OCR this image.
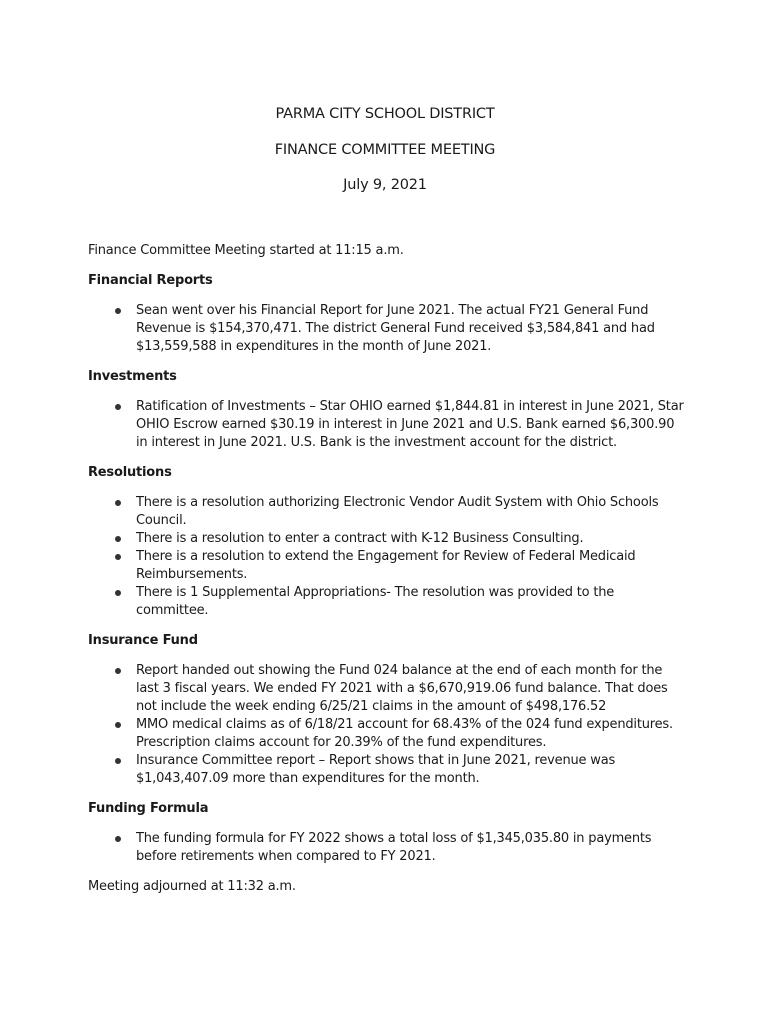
PARMA CITY SCHOOL DISTRICT
FINANCE COMMITTEE MEETING
July 9, 2021

Finance Committee Meeting started at 11:15 a.m.

Financial Reports

Sean went over his Financial Report for June 2021. The actual FY21 General Fund Revenue is $154,370,471. The district General Fund received $3,584,841 and had $13,559,588 in expenditures in the month of June 2021.

Investments

Ratification of Investments – Star OHIO earned $1,844.81 in interest in June 2021, Star OHIO Escrow earned $30.19 in interest in June 2021 and U.S. Bank earned $6,300.90 in interest in June 2021. U.S. Bank is the investment account for the district.

Resolutions

There is a resolution authorizing Electronic Vendor Audit System with Ohio Schools Council.
There is a resolution to enter a contract with K-12 Business Consulting.
There is a resolution to extend the Engagement for Review of Federal Medicaid Reimbursements.
There is 1 Supplemental Appropriations- The resolution was provided to the committee.

Insurance Fund

Report handed out showing the Fund 024 balance at the end of each month for the last 3 fiscal years. We ended FY 2021 with a $6,670,919.06 fund balance. That does not include the week ending 6/25/21 claims in the amount of $498,176.52
MMO medical claims as of 6/18/21 account for 68.43% of the 024 fund expenditures. Prescription claims account for 20.39% of the fund expenditures.
Insurance Committee report – Report shows that in June 2021, revenue was $1,043,407.09 more than expenditures for the month.

Funding Formula

The funding formula for FY 2022 shows a total loss of $1,345,035.80 in payments before retirements when compared to FY 2021.

Meeting adjourned at 11:32 a.m.
